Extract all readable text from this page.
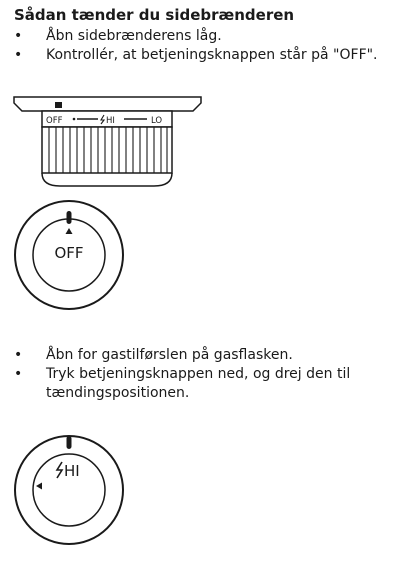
Sådan tænder du sidebrænderen
• Åbn sidebrænderens låg.
• Kontrollér, at betjeningsknappen står på "OFF".
OFF	HI	LO
OFF
HI
• Åbn for gastilførslen på gasflasken.
• Tryk betjeningsknappen ned, og drej den til tændingspositionen.
